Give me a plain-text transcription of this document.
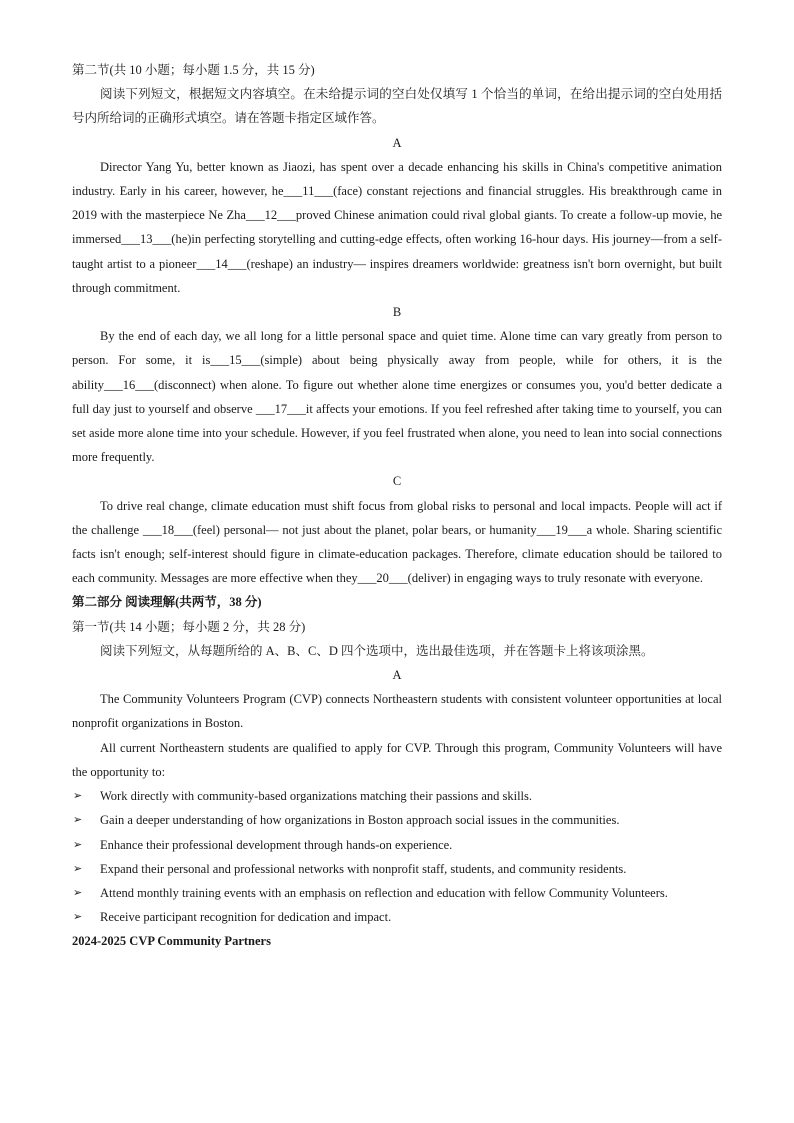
第二节(共 10 小题；每小题 1.5 分，共 15 分)
阅读下列短文，根据短文内容填空。在未给提示词的空白处仅填写 1 个恰当的单词，在给出提示词的空白处用括号内所给词的正确形式填空。请在答题卡指定区域作答。
A
Director Yang Yu, better known as Jiaozi, has spent over a decade enhancing his skills in China's competitive animation industry. Early in his career, however, he___11___(face) constant rejections and financial struggles. His breakthrough came in 2019 with the masterpiece Ne Zha___12___proved Chinese animation could rival global giants. To create a follow-up movie, he immersed___13___(he)in perfecting storytelling and cutting-edge effects, often working 16-hour days. His journey—from a self-taught artist to a pioneer___14___(reshape) an industry— inspires dreamers worldwide: greatness isn't born overnight, but built through commitment.
B
By the end of each day, we all long for a little personal space and quiet time. Alone time can vary greatly from person to person. For some, it is___15___(simple) about being physically away from people, while for others, it is the ability___16___(disconnect) when alone. To figure out whether alone time energizes or consumes you, you'd better dedicate a full day just to yourself and observe ___17___it affects your emotions. If you feel refreshed after taking time to yourself, you can set aside more alone time into your schedule. However, if you feel frustrated when alone, you need to lean into social connections more frequently.
C
To drive real change, climate education must shift focus from global risks to personal and local impacts. People will act if the challenge ___18___(feel) personal— not just about the planet, polar bears, or humanity___19___a whole. Sharing scientific facts isn't enough; self-interest should figure in climate-education packages. Therefore, climate education should be tailored to each community. Messages are more effective when they___20___(deliver) in engaging ways to truly resonate with everyone.
第二部分 阅读理解(共两节，38 分)
第一节(共 14 小题；每小题 2 分，共 28 分)
阅读下列短文，从每题所给的 A、B、C、D 四个选项中，选出最佳选项，并在答题卡上将该项涂黑。
A
The Community Volunteers Program (CVP) connects Northeastern students with consistent volunteer opportunities at local nonprofit organizations in Boston.
All current Northeastern students are qualified to apply for CVP. Through this program, Community Volunteers will have the opportunity to:
➢ Work directly with community-based organizations matching their passions and skills.
➢ Gain a deeper understanding of how organizations in Boston approach social issues in the communities.
➢ Enhance their professional development through hands-on experience.
➢ Expand their personal and professional networks with nonprofit staff, students, and community residents.
➢ Attend monthly training events with an emphasis on reflection and education with fellow Community Volunteers.
➢ Receive participant recognition for dedication and impact.
2024-2025 CVP Community Partners
